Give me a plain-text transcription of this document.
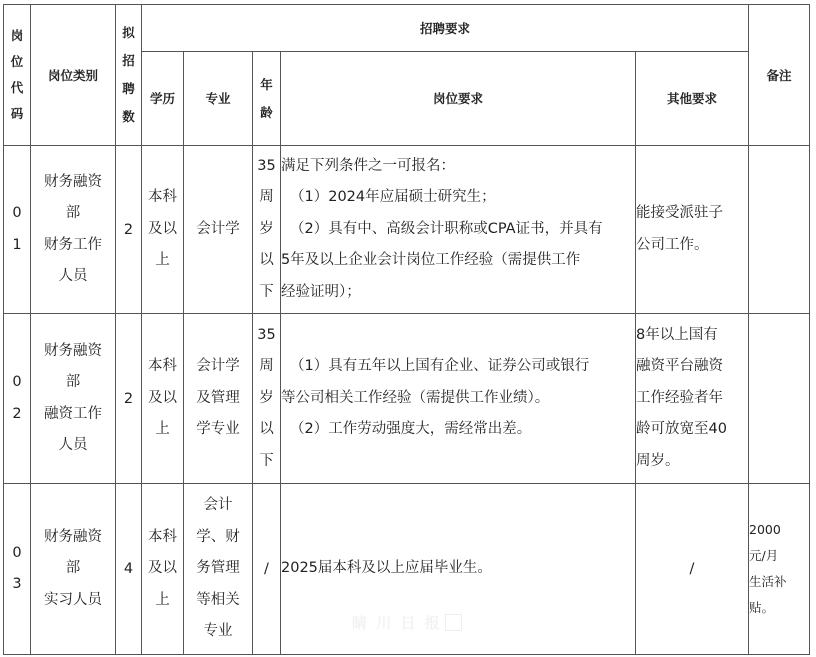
岗
位
代
码	岗位类别	拟
招
聘
数	招聘要求					备注
			学历	专业	年
龄	岗位要求	其他要求	

0
1	财务融资
部
财务工作
人员	2	本科
及以
上	会计学	35
周
岁
以
下	满足下列条件之一可报名：
（1）2024年应届硕士研究生；
（2）具有中、高级会计职称或CPA证书，并具有
5年及以上企业会计岗位工作经验（需提供工作
经验证明）；	能接受派驻子
公司工作。	

0
2	财务融资
部
融资工作
人员	2	本科
及以
上	会计学
及管理
学专业	35
周
岁
以
下	（1）具有五年以上国有企业、证券公司或银行
等公司相关工作经验（需提供工作业绩）。
（2）工作劳动强度大，需经常出差。	8年以上国有
融资平台融资
工作经验者年
龄可放宽至40
周岁。	

0
3	财务融资
部
实习人员	4	本科
及以
上	会计
学、财
务管理
等相关
专业	/	2025届本科及以上应届毕业生。	/	2000
元/月
生活补
贴。
睛 川 日 报
